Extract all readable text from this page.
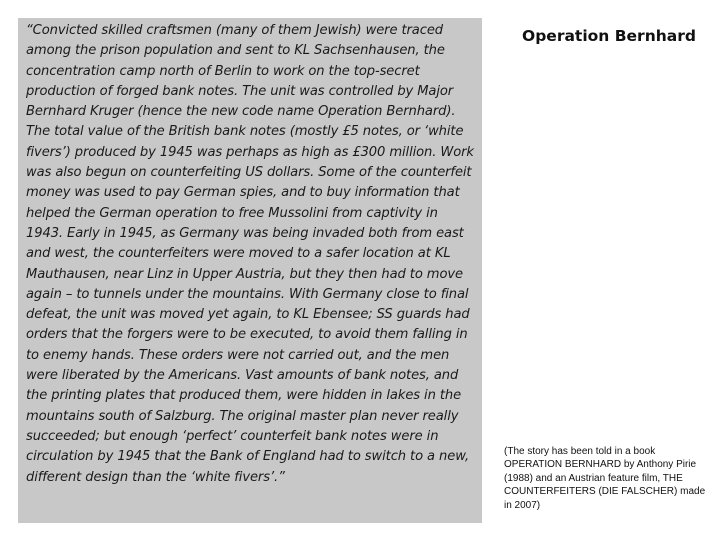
“Convicted skilled craftsmen (many of them Jewish) were traced among the prison population and sent to KL Sachsenhausen, the concentration camp north of Berlin to work on the top-secret production of forged bank notes. The unit was controlled by Major Bernhard Kruger (hence the new code name Operation Bernhard). The total value of the British bank notes (mostly £5 notes, or ‘white fivers’) produced by 1945 was perhaps as high as £300 million. Work was also begun on counterfeiting US dollars. Some of the counterfeit money was used to pay German spies, and to buy information that helped the German operation to free Mussolini from captivity in 1943. Early in 1945, as Germany was being invaded both from east and west, the counterfeiters were moved to a safer location at KL Mauthausen, near Linz in Upper Austria, but they then had to move again – to tunnels under the mountains. With Germany close to final defeat, the unit was moved yet again, to KL Ebensee; SS guards had orders that the forgers were to be executed, to avoid them falling in to enemy hands. These orders were not carried out, and the men were liberated by the Americans. Vast amounts of bank notes, and the printing plates that produced them, were hidden in lakes in the mountains south of Salzburg. The original master plan never really succeeded; but enough ‘perfect’ counterfeit bank notes were in circulation by 1945 that the Bank of England had to switch to a new, different design than the ‘white fivers’.”

Operation Bernhard

(The story has been told in a book OPERATION BERNHARD by Anthony Pirie (1988) and an Austrian feature film, THE COUNTERFEITERS (DIE FALSCHER) made in 2007)
